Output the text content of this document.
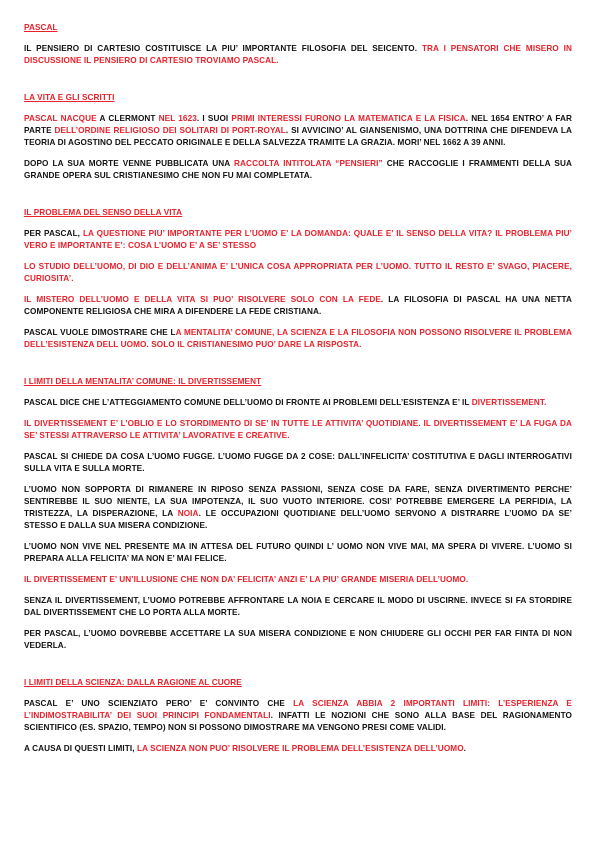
PASCAL

IL PENSIERO DI CARTESIO COSTITUISCE LA PIU’ IMPORTANTE FILOSOFIA DEL SEICENTO. TRA I PENSATORI CHE MISERO IN DISCUSSIONE IL PENSIERO DI CARTESIO TROVIAMO PASCAL.

LA VITA E GLI SCRITTI

PASCAL NACQUE A CLERMONT NEL 1623. I SUOI PRIMI INTERESSI FURONO LA MATEMATICA E LA FISICA. NEL 1654 ENTRO’ A FAR PARTE DELL’ORDINE RELIGIOSO DEI SOLITARI DI PORT-ROYAL. SI AVVICINO’ AL GIANSENISMO, UNA DOTTRINA CHE DIFENDEVA LA TEORIA DI AGOSTINO DEL PECCATO ORIGINALE E DELLA SALVEZZA TRAMITE LA GRAZIA. MORI’ NEL 1662 A 39 ANNI.

DOPO LA SUA MORTE VENNE PUBBLICATA UNA RACCOLTA INTITOLATA “PENSIERI” CHE RACCOGLIE I FRAMMENTI DELLA SUA GRANDE OPERA SUL CRISTIANESIMO CHE NON FU MAI COMPLETATA.

IL PROBLEMA DEL SENSO DELLA VITA

PER PASCAL, LA QUESTIONE PIU’ IMPORTANTE PER L’UOMO E’ LA DOMANDA: QUALE E’ IL SENSO DELLA VITA? IL PROBLEMA PIU’ VERO E IMPORTANTE E’: COSA L’UOMO E’ A SE’ STESSO

LO STUDIO DELL’UOMO, DI DIO E DELL’ANIMA E’ L’UNICA COSA APPROPRIATA PER L’UOMO. TUTTO IL RESTO E’ SVAGO, PIACERE, CURIOSITA’.

IL MISTERO DELL’UOMO E DELLA VITA SI PUO’ RISOLVERE SOLO CON LA FEDE. LA FILOSOFIA DI PASCAL HA UNA NETTA COMPONENTE RELIGIOSA CHE MIRA A DIFENDERE LA FEDE CRISTIANA.

PASCAL VUOLE DIMOSTRARE CHE LA MENTALITA’ COMUNE, LA SCIENZA E LA FILOSOFIA NON POSSONO RISOLVERE IL PROBLEMA DELL’ESISTENZA DELL UOMO. SOLO IL CRISTIANESIMO PUO’ DARE LA RISPOSTA.

I LIMITI DELLA MENTALITA’ COMUNE: IL DIVERTISSEMENT

PASCAL DICE CHE L’ATTEGGIAMENTO COMUNE DELL’UOMO DI FRONTE AI PROBLEMI DELL’ESISTENZA E’ IL DIVERTISSEMENT.

IL DIVERTISSEMENT E’ L’OBLIO E LO STORDIMENTO DI SE’ IN TUTTE LE ATTIVITA’ QUOTIDIANE. IL DIVERTISSEMENT E’ LA FUGA DA SE’ STESSI ATTRAVERSO LE ATTIVITA’ LAVORATIVE E CREATIVE.

PASCAL SI CHIEDE DA COSA L’UOMO FUGGE. L’UOMO FUGGE DA 2 COSE: DALL’INFELICITA’ COSTITUTIVA E DAGLI INTERROGATIVI SULLA VITA E SULLA MORTE.

L’UOMO NON SOPPORTA DI RIMANERE IN RIPOSO SENZA PASSIONI, SENZA COSE DA FARE, SENZA DIVERTIMENTO PERCHE’ SENTIREBBE IL SUO NIENTE, LA SUA IMPOTENZA, IL SUO VUOTO INTERIORE. COSI’ POTREBBE EMERGERE LA PERFIDIA, LA TRISTEZZA, LA DISPERAZIONE, LA NOIA. LE OCCUPAZIONI QUOTIDIANE DELL’UOMO SERVONO A DISTRARRE L’UOMO DA SE’ STESSO E DALLA SUA MISERA CONDIZIONE.

L’UOMO NON VIVE NEL PRESENTE MA IN ATTESA DEL FUTURO QUINDI L’ UOMO NON VIVE MAI, MA SPERA DI VIVERE. L’UOMO SI PREPARA ALLA FELICITA’ MA NON E’ MAI FELICE.

IL DIVERTISSEMENT E’ UN’ILLUSIONE CHE NON DA’ FELICITA’ ANZI E’ LA PIU’ GRANDE MISERIA DELL’UOMO.

SENZA IL DIVERTISSEMENT, L’UOMO POTREBBE AFFRONTARE LA NOIA E CERCARE IL MODO DI USCIRNE. INVECE SI FA STORDIRE DAL DIVERTISSEMENT CHE LO PORTA ALLA MORTE.

PER PASCAL, L’UOMO DOVREBBE ACCETTARE LA SUA MISERA CONDIZIONE E NON CHIUDERE GLI OCCHI PER FAR FINTA DI NON VEDERLA.

I LIMITI DELLA SCIENZA: DALLA RAGIONE AL CUORE

PASCAL E’ UNO SCIENZIATO PERO’ E’ CONVINTO CHE LA SCIENZA ABBIA 2 IMPORTANTI LIMITI: L’ESPERIENZA E L’INDIMOSTRABILITA’ DEI SUOI PRINCIPI FONDAMENTALI. INFATTI LE NOZIONI CHE SONO ALLA BASE DEL RAGIONAMENTO SCIENTIFICO (ES. SPAZIO, TEMPO) NON SI POSSONO DIMOSTRARE MA VENGONO PRESI COME VALIDI.

A CAUSA DI QUESTI LIMITI, LA SCIENZA NON PUO’ RISOLVERE IL PROBLEMA DELL’ESISTENZA DELL’UOMO.
